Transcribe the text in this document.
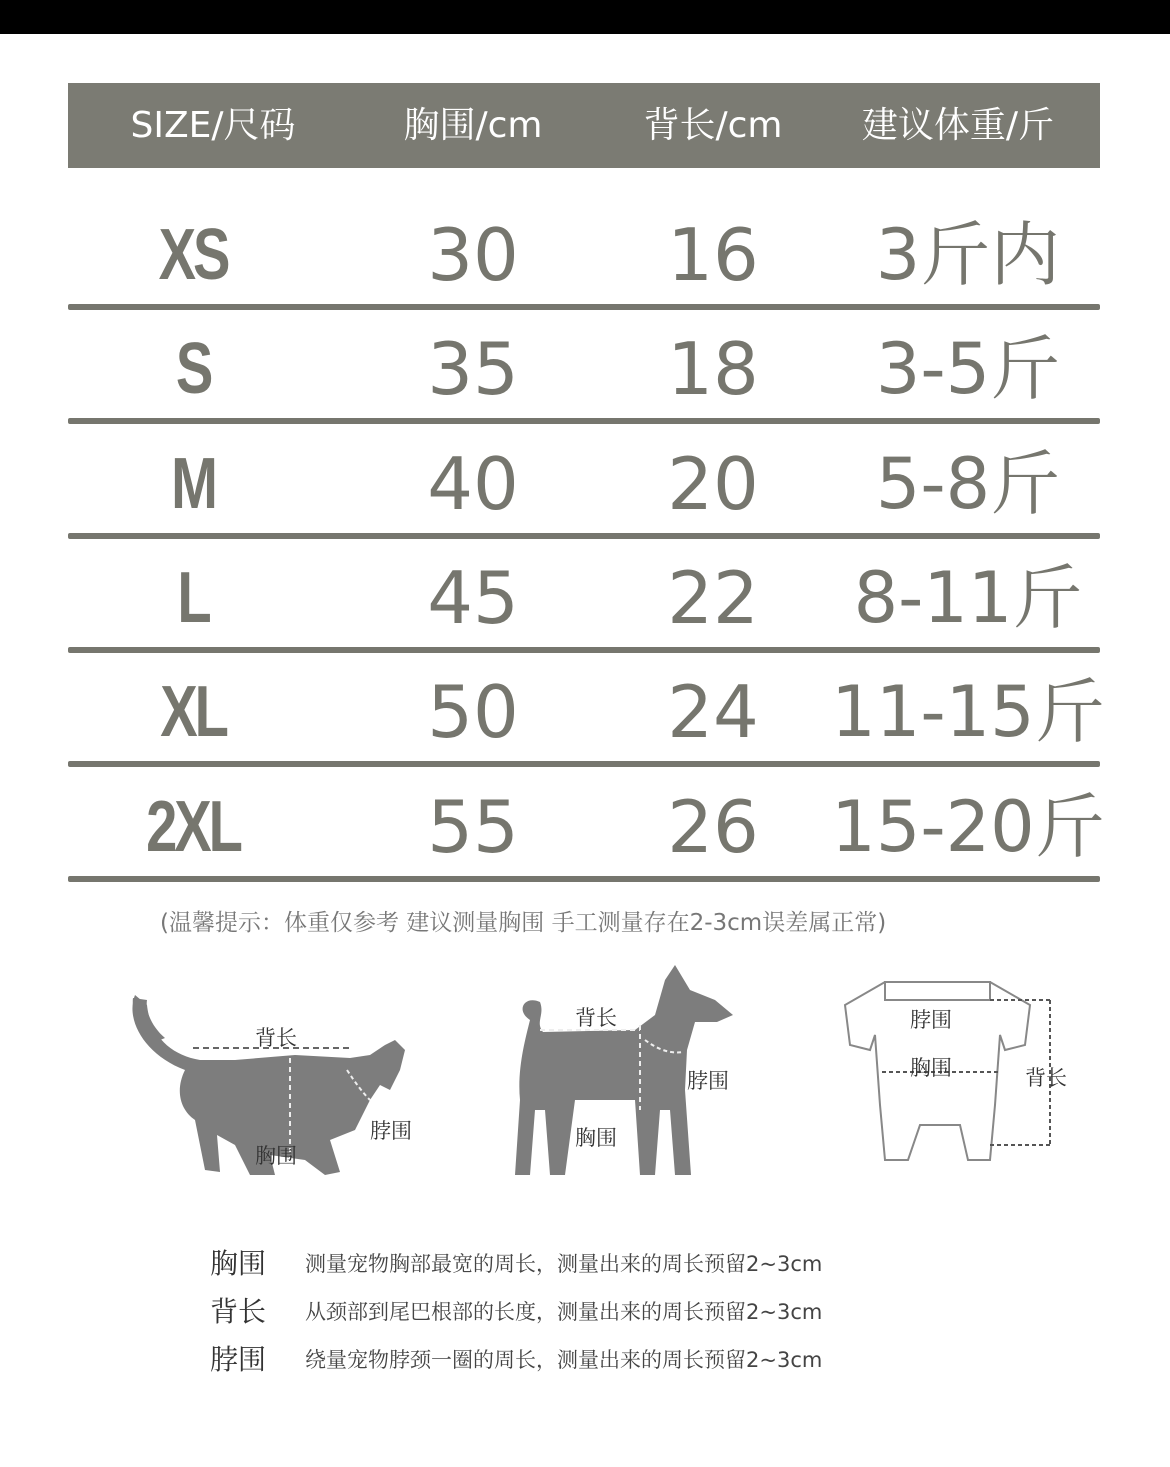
SIZE/尺码	胸围/cm	背长/cm	建议体重/斤
XS	30	16	3斤内
S	35	18	3-5斤
M	40	20	5-8斤
L	45	22	8-11斤
XL	50	24	11-15斤
2XL	55	26	15-20斤
(温馨提示：体重仅参考 建议测量胸围 手工测量存在2-3cm误差属正常)
背长
脖围
胸围
背长
脖围
胸围
脖围
胸围	背长
胸围 测量宠物胸部最宽的周长，测量出来的周长预留2~3cm
背长 从颈部到尾巴根部的长度，测量出来的周长预留2~3cm
脖围 绕量宠物脖颈一圈的周长，测量出来的周长预留2~3cm
